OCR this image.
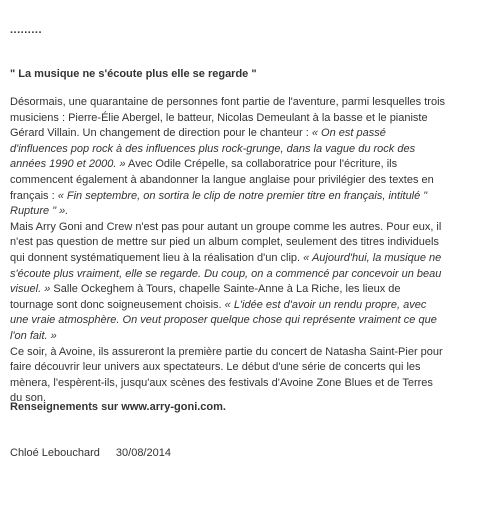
.........
" La musique ne s'écoute plus elle se regarde "

Désormais, une quarantaine de personnes font partie de l'aventure, parmi lesquelles trois musiciens : Pierre-Élie Abergel, le batteur, Nicolas Demeulant à la basse et le pianiste Gérard Villain. Un changement de direction pour le chanteur : « On est passé d'influences pop rock à des influences plus rock-grunge, dans la vague du rock des années 1990 et 2000. » Avec Odile Crépelle, sa collaboratrice pour l'écriture, ils commencent également à abandonner la langue anglaise pour privilégier des textes en français : « Fin septembre, on sortira le clip de notre premier titre en français, intitulé " Rupture " ».

Mais Arry Goni and Crew n'est pas pour autant un groupe comme les autres. Pour eux, il n'est pas question de mettre sur pied un album complet, seulement des titres individuels qui donnent systématiquement lieu à la réalisation d'un clip. « Aujourd'hui, la musique ne s'écoute plus vraiment, elle se regarde. Du coup, on a commencé par concevoir un beau visuel. » Salle Ockeghem à Tours, chapelle Sainte-Anne à La Riche, les lieux de tournage sont donc soigneusement choisis. « L'idée est d'avoir un rendu propre, avec une vraie atmosphère. On veut proposer quelque chose qui représente vraiment ce que l'on fait. »

Ce soir, à Avoine, ils assureront la première partie du concert de Natasha Saint-Pier pour faire découvrir leur univers aux spectateurs. Le début d'une série de concerts qui les mènera, l'espèrent-ils, jusqu'aux scènes des festivals d'Avoine Zone Blues et de Terres du son.

Renseignements sur www.arry-goni.com.
Chloé Lebouchard 30/08/2014
